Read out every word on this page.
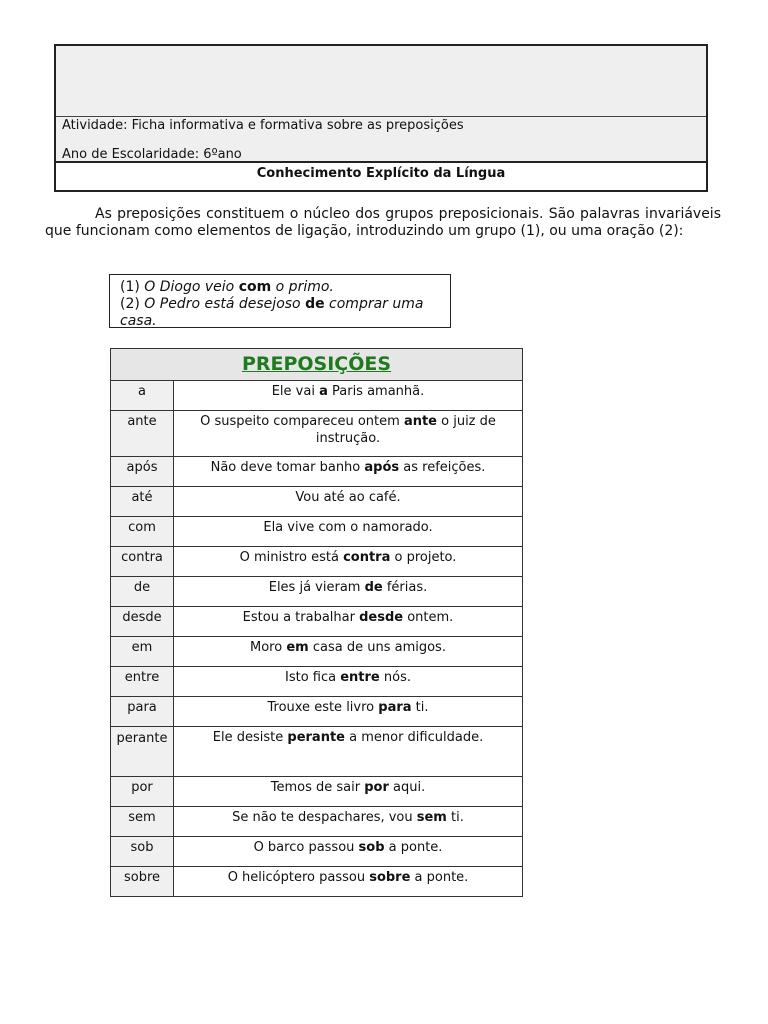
Atividade: Ficha informativa e formativa sobre as preposições
Ano de Escolaridade: 6ºano
Conhecimento Explícito da Língua

As preposições constituem o núcleo dos grupos preposicionais. São palavras invariáveis que funcionam como elementos de ligação, introduzindo um grupo (1), ou uma oração (2):

(1) O Diogo veio com o primo.
(2) O Pedro está desejoso de comprar uma casa.
PREPOSIÇÕES	
a	Ele vai a Paris amanhã.
ante	O suspeito compareceu ontem ante o juiz de instrução.
após	Não deve tomar banho após as refeições.
até	Vou até ao café.
com	Ela vive com o namorado.
contra	O ministro está contra o projeto.
de	Eles já vieram de férias.
desde	Estou a trabalhar desde ontem.
em	Moro em casa de uns amigos.
entre	Isto fica entre nós.
para	Trouxe este livro para ti.
perante	Ele desiste perante a menor dificuldade.
por	Temos de sair por aqui.
sem	Se não te despachares, vou sem ti.
sob	O barco passou sob a ponte.
sobre	O helicóptero passou sobre a ponte.
